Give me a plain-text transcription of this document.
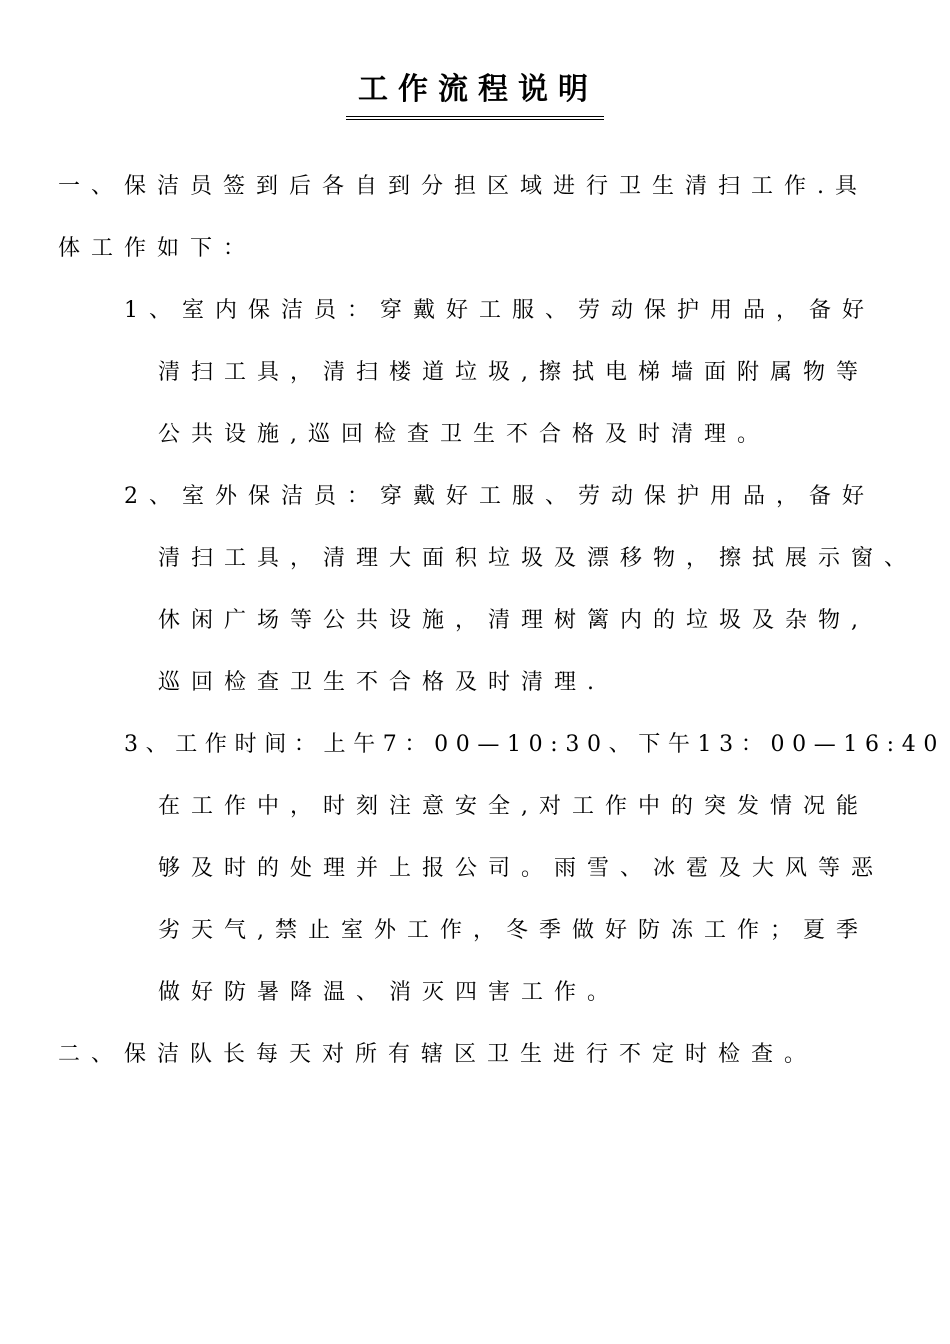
工作流程说明
一、保洁员签到后各自到分担区域进行卫生清扫工作.具
体工作如下：
1、室内保洁员：穿戴好工服、劳动保护用品，备好
清扫工具，清扫楼道垃圾,擦拭电梯墙面附属物等
公共设施,巡回检查卫生不合格及时清理。
2、室外保洁员：穿戴好工服、劳动保护用品，备好
清扫工具，清理大面积垃圾及漂移物，擦拭展示窗、
休闲广场等公共设施，清理树篱内的垃圾及杂物,
巡回检查卫生不合格及时清理.
3、工作时间：上午7：00—10:30、下午13：00—16:40
在工作中，时刻注意安全,对工作中的突发情况能
够及时的处理并上报公司。雨雪、冰雹及大风等恶
劣天气,禁止室外工作，冬季做好防冻工作；夏季
做好防暑降温、消灭四害工作。
二、保洁队长每天对所有辖区卫生进行不定时检查。
